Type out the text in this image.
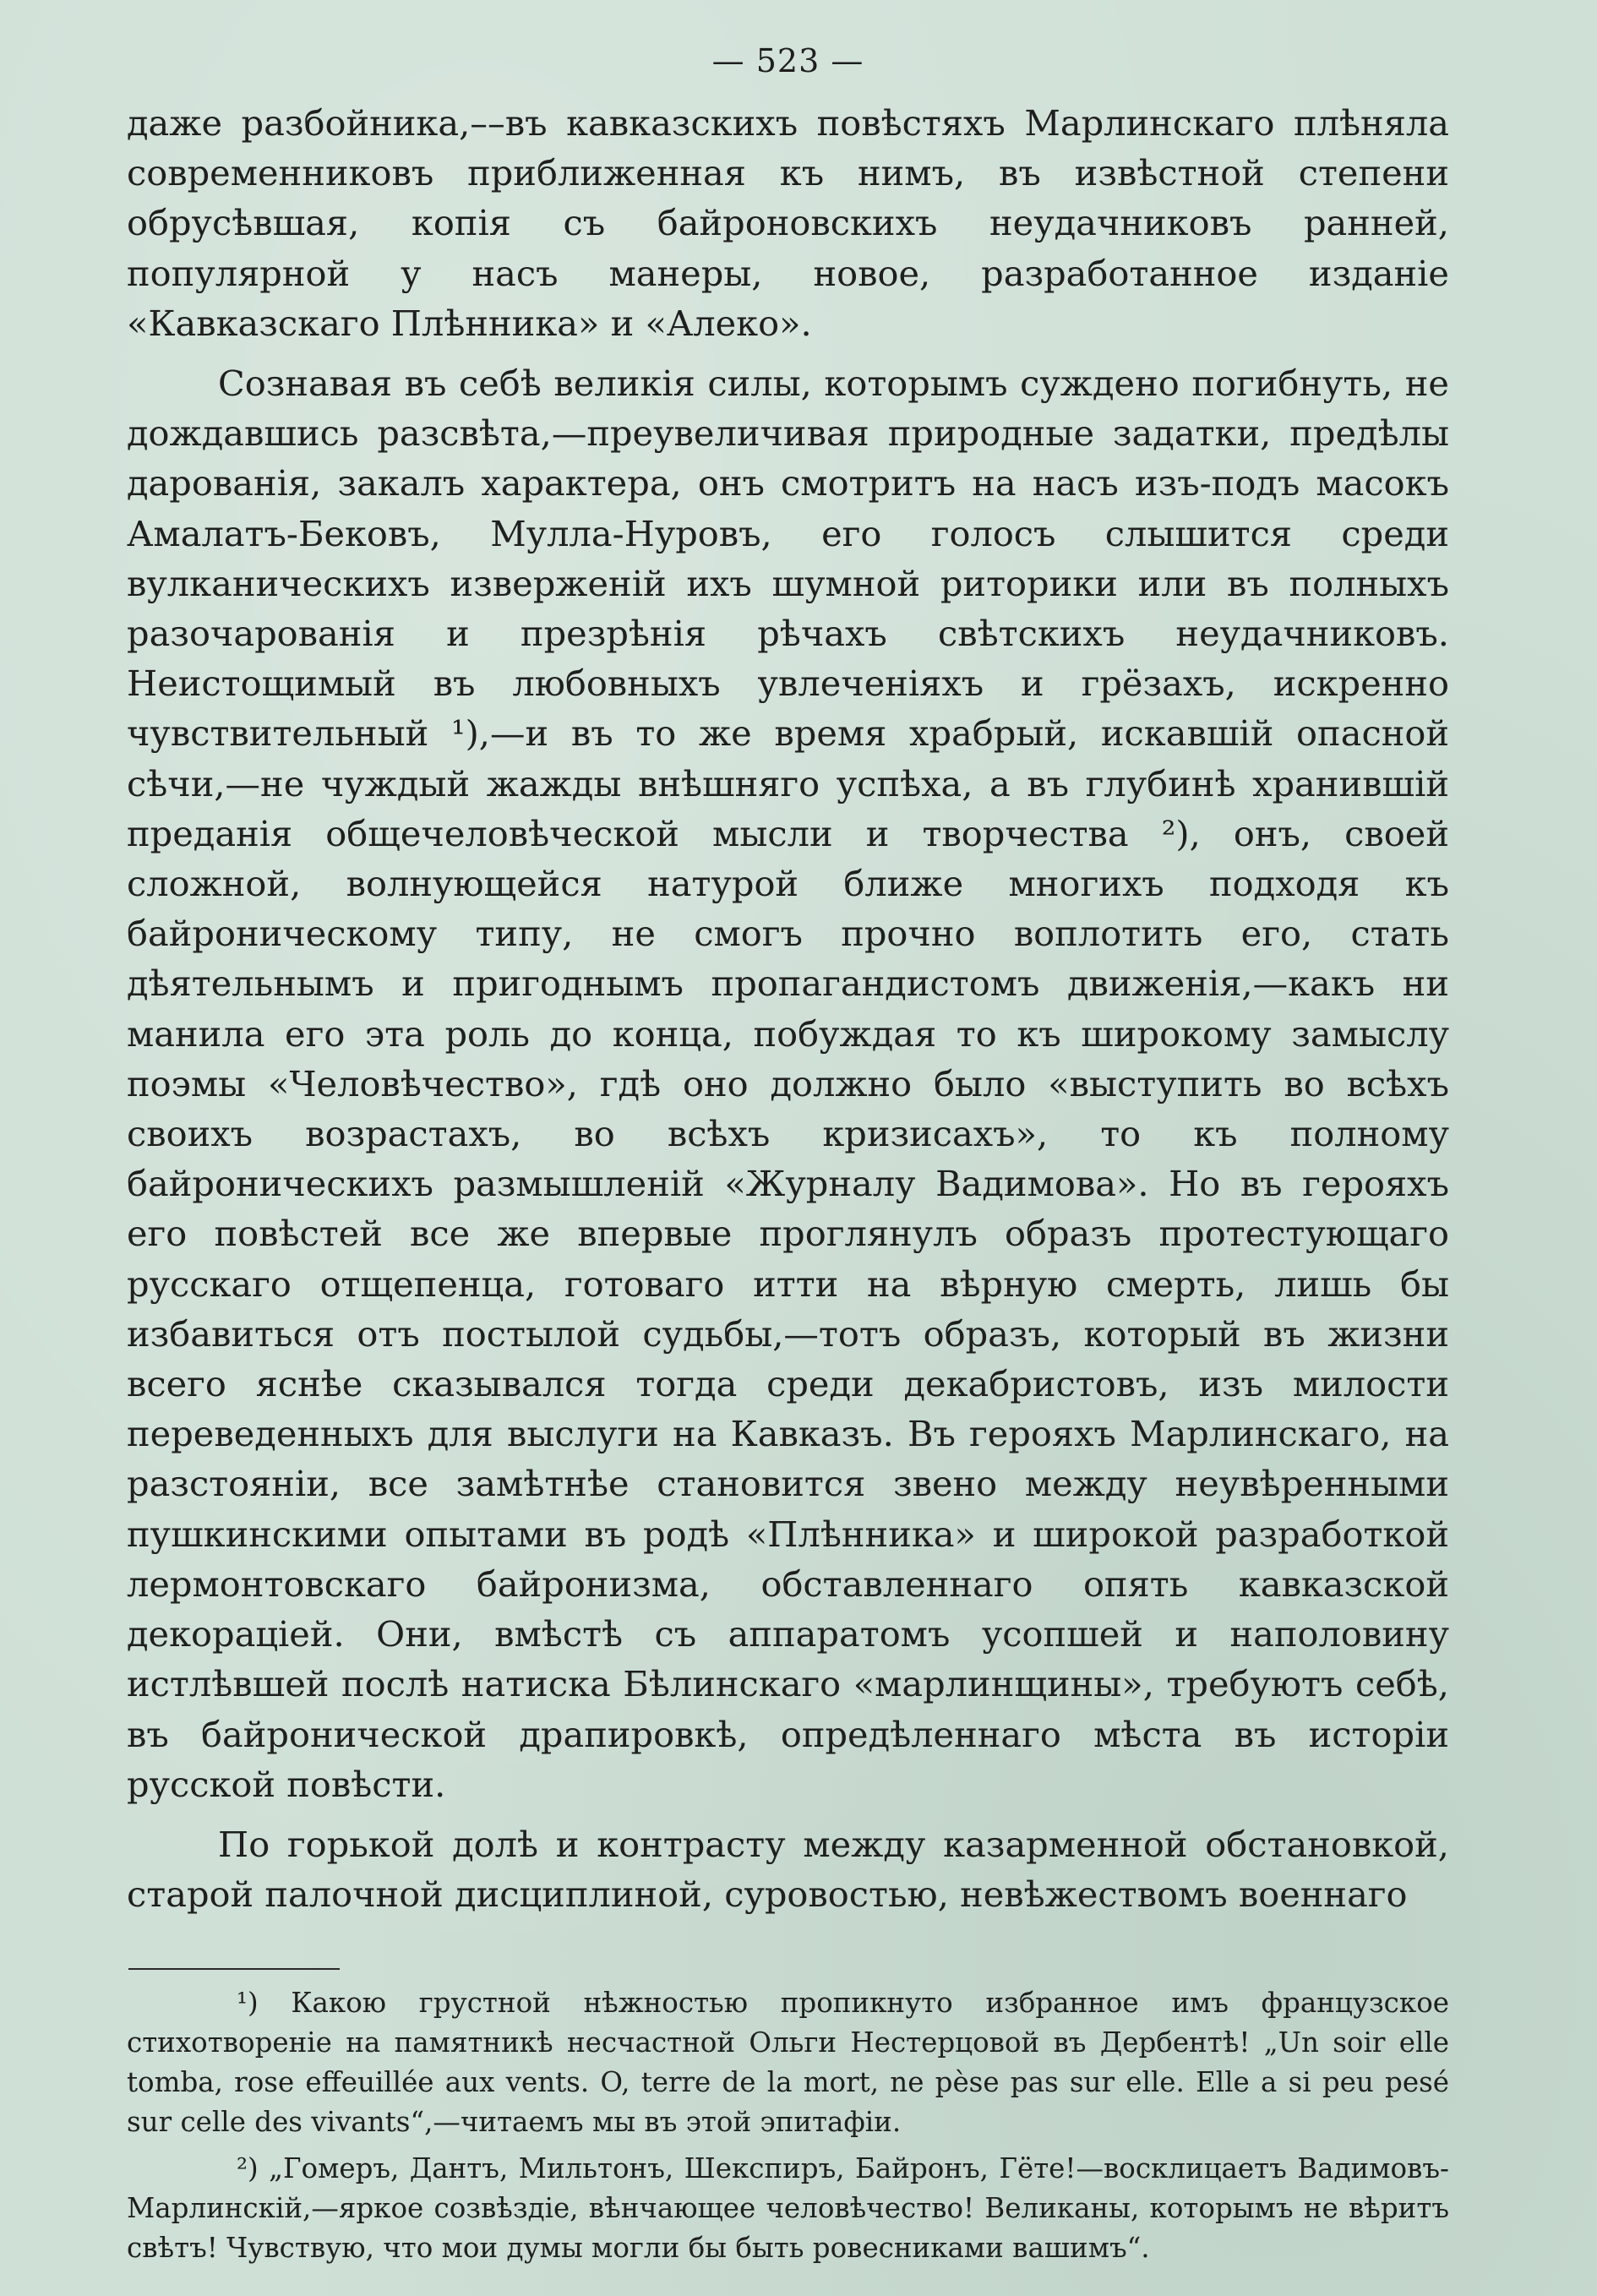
— 523 —

даже разбойника,––въ кавказскихъ повѣстяхъ Марлинскаго плѣняла современниковъ приближенная къ нимъ, въ извѣстной степени обрусѣвшая, копія съ байроновскихъ неудачниковъ ранней, популярной у насъ манеры, новое, разработанное изданіе «Кавказскаго Плѣнника» и «Алеко».

Сознавая въ себѣ великія силы, которымъ суждено погибнуть, не дождавшись разсвѣта,—преувеличивая природные задатки, предѣлы дарованія, закалъ характера, онъ смотритъ на насъ изъ-подъ масокъ Амалатъ-Бековъ, Мулла-Нуровъ, его голосъ слышится среди вулканическихъ изверженій ихъ шумной риторики или въ полныхъ разочарованія и презрѣнія рѣчахъ свѣтскихъ неудачниковъ. Неистощимый въ любовныхъ увлеченіяхъ и грёзахъ, искренно чувствительный ¹),—и въ то же время храбрый, искавшій опасной сѣчи,—не чуждый жажды внѣшняго успѣха, а въ глубинѣ хранившій преданія общечеловѣческой мысли и творчества ²), онъ, своей сложной, волнующейся натурой ближе многихъ подходя къ байроническому типу, не смогъ прочно воплотить его, стать дѣятельнымъ и пригоднымъ пропагандистомъ движенія,—какъ ни манила его эта роль до конца, побуждая то къ широкому замыслу поэмы «Человѣчество», гдѣ оно должно было «выступить во всѣхъ своихъ возрастахъ, во всѣхъ кризисахъ», то къ полному байроническихъ размышленій «Журналу Вадимова». Но въ герояхъ его повѣстей все же впервые проглянулъ образъ протестующаго русскаго отщепенца, готоваго итти на вѣрную смерть, лишь бы избавиться отъ постылой судьбы,—тотъ образъ, который въ жизни всего яснѣе сказывался тогда среди декабристовъ, изъ милости переведенныхъ для выслуги на Кавказъ. Въ герояхъ Марлинскаго, на разстояніи, все замѣтнѣе становится звено между неувѣренными пушкинскими опытами въ родѣ «Плѣнника» и широкой разработкой лермонтовскаго байронизма, обставленнаго опять кавказской декораціей. Они, вмѣстѣ съ аппаратомъ усопшей и наполовину истлѣвшей послѣ натиска Бѣлинскаго «марлинщины», требуютъ себѣ, въ байронической драпировкѣ, опредѣленнаго мѣста въ исторіи русской повѣсти.

По горькой долѣ и контрасту между казарменной обстановкой, старой палочной дисциплиной, суровостью, невѣжествомъ военнаго

¹) Какою грустной нѣжностью пропикнуто избранное имъ французское стихотвореніе на памятникѣ несчастной Ольги Нестерцовой въ Дербентѣ! „Un soir elle tomba, rose effeuillée aux vents. O, terre de la mort, ne pèse pas sur elle. Elle a si peu pesé sur celle des vivants“,—читаемъ мы въ этой эпитафіи.

²) „Гомеръ, Дантъ, Мильтонъ, Шекспиръ, Байронъ, Гёте!—восклицаетъ Вадимовъ-Марлинскій,—яркое созвѣздіе, вѣнчающее человѣчество! Великаны, которымъ не вѣритъ свѣтъ! Чувствую, что мои думы могли бы быть ровесниками вашимъ“.
